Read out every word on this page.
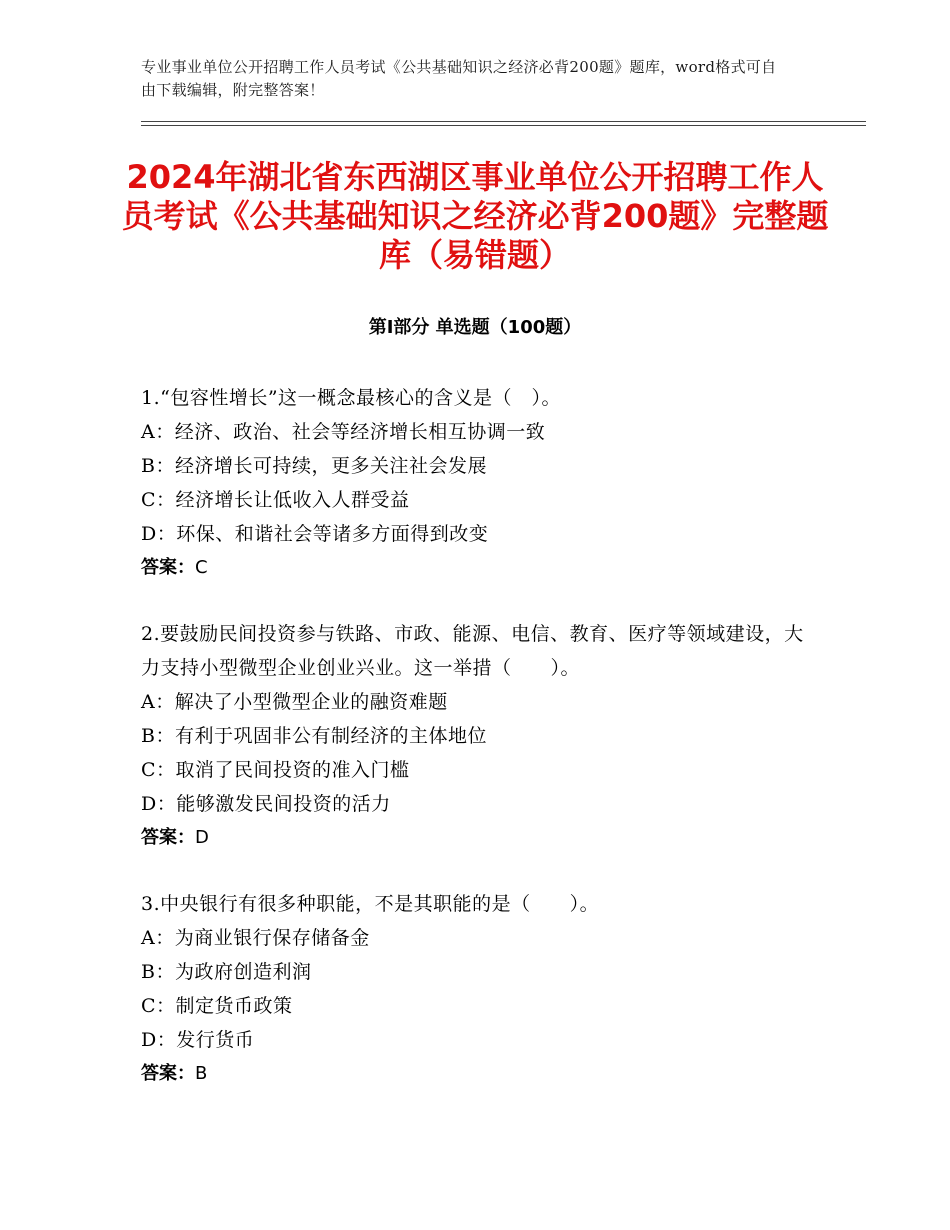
专业事业单位公开招聘工作人员考试《公共基础知识之经济必背200题》题库，word格式可自由下载编辑，附完整答案！
2024年湖北省东西湖区事业单位公开招聘工作人员考试《公共基础知识之经济必背200题》完整题库（易错题）
第Ⅰ部分 单选题（100题）

1.“包容性增长”这一概念最核心的含义是（　）。

A：经济、政治、社会等经济增长相互协调一致

B：经济增长可持续，更多关注社会发展

C：经济增长让低收入人群受益

D：环保、和谐社会等诸多方面得到改变

答案：C

2.要鼓励民间投资参与铁路、市政、能源、电信、教育、医疗等领域建设，大力支持小型微型企业创业兴业。这一举措（　　）。

A：解决了小型微型企业的融资难题

B：有利于巩固非公有制经济的主体地位

C：取消了民间投资的准入门槛

D：能够激发民间投资的活力

答案：D

3.中央银行有很多种职能，不是其职能的是（　　）。

A：为商业银行保存储备金

B：为政府创造利润

C：制定货币政策

D：发行货币

答案：B
